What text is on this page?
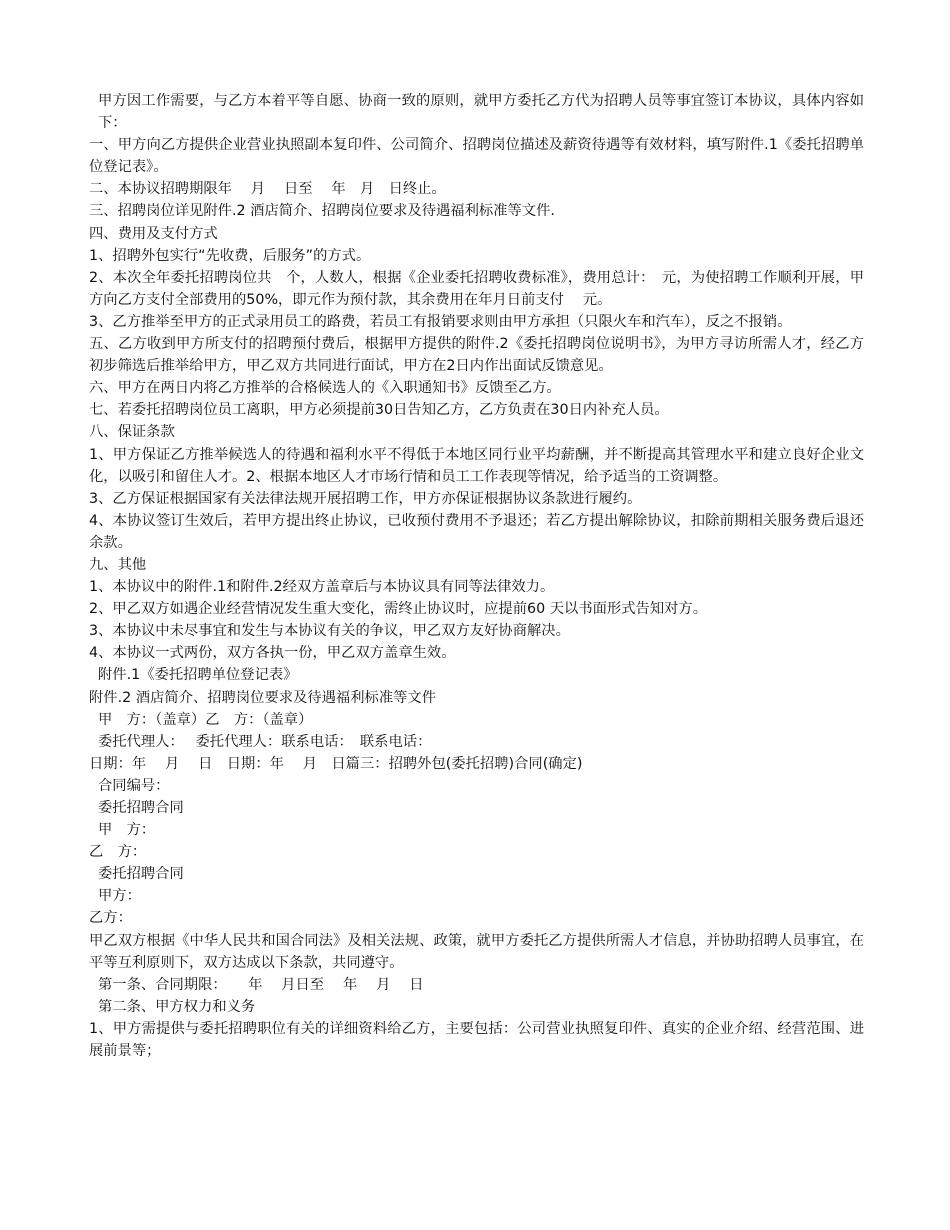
甲方因工作需要，与乙方本着平等自愿、协商一致的原则，就甲方委托乙方代为招聘人员等事宜签订本协议，具体内容如下：

一、甲方向乙方提供企业营业执照副本复印件、公司简介、招聘岗位描述及薪资待遇等有效材料，填写附件.1《委托招聘单位登记表》。

二、本协议招聘期限年　 月　 日至　 年　月　日终止。

三、招聘岗位详见附件.2 酒店简介、招聘岗位要求及待遇福利标准等文件.

四、费用及支付方式

1、招聘外包实行“先收费，后服务”的方式。

2、本次全年委托招聘岗位共　个，人数人，根据《企业委托招聘收费标准》，费用总计：　元，为使招聘工作顺利开展，甲方向乙方支付全部费用的50%，即元作为预付款，其余费用在年月日前支付　 元。

3、乙方推举至甲方的正式录用员工的路费，若员工有报销要求则由甲方承担（只限火车和汽车），反之不报销。

五、乙方收到甲方所支付的招聘预付费后，根据甲方提供的附件.2《委托招聘岗位说明书》，为甲方寻访所需人才，经乙方初步筛选后推举给甲方，甲乙双方共同进行面试，甲方在2日内作出面试反馈意见。

六、甲方在两日内将乙方推举的合格候选人的《入职通知书》反馈至乙方。

七、若委托招聘岗位员工离职，甲方必须提前30日告知乙方，乙方负责在30日内补充人员。

八、保证条款

1、甲方保证乙方推举候选人的待遇和福利水平不得低于本地区同行业平均薪酬，并不断提高其管理水平和建立良好企业文化，以吸引和留住人才。2、根据本地区人才市场行情和员工工作表现等情况，给予适当的工资调整。

3、乙方保证根据国家有关法律法规开展招聘工作，甲方亦保证根据协议条款进行履约。

4、本协议签订生效后，若甲方提出终止协议，已收预付费用不予退还；若乙方提出解除协议，扣除前期相关服务费后退还余款。

九、其他

1、本协议中的附件.1和附件.2经双方盖章后与本协议具有同等法律效力。

2、甲乙双方如遇企业经营情况发生重大变化，需终止协议时，应提前60 天以书面形式告知对方。

3、本协议中未尽事宜和发生与本协议有关的争议，甲乙双方友好协商解决。

4、本协议一式两份，双方各执一份，甲乙双方盖章生效。

附件.1《委托招聘单位登记表》

附件.2 酒店简介、招聘岗位要求及待遇福利标准等文件

甲　方：（盖章）乙　方：（盖章）

委托代理人：　 委托代理人：联系电话：　联系电话：

日期：年　 月　 日　日期：年　 月　日篇三：招聘外包(委托招聘)合同(确定)

合同编号：

委托招聘合同

甲　方：

乙　方：

委托招聘合同

甲方：

乙方：

甲乙双方根据《中华人民共和国合同法》及相关法规、政策，就甲方委托乙方提供所需人才信息，并协助招聘人员事宜，在平等互利原则下，双方达成以下条款，共同遵守。

第一条、合同期限：　　年　 月日至　 年　 月　 日

第二条、甲方权力和义务

1、甲方需提供与委托招聘职位有关的详细资料给乙方，主要包括：公司营业执照复印件、真实的企业介绍、经营范围、进展前景等；
